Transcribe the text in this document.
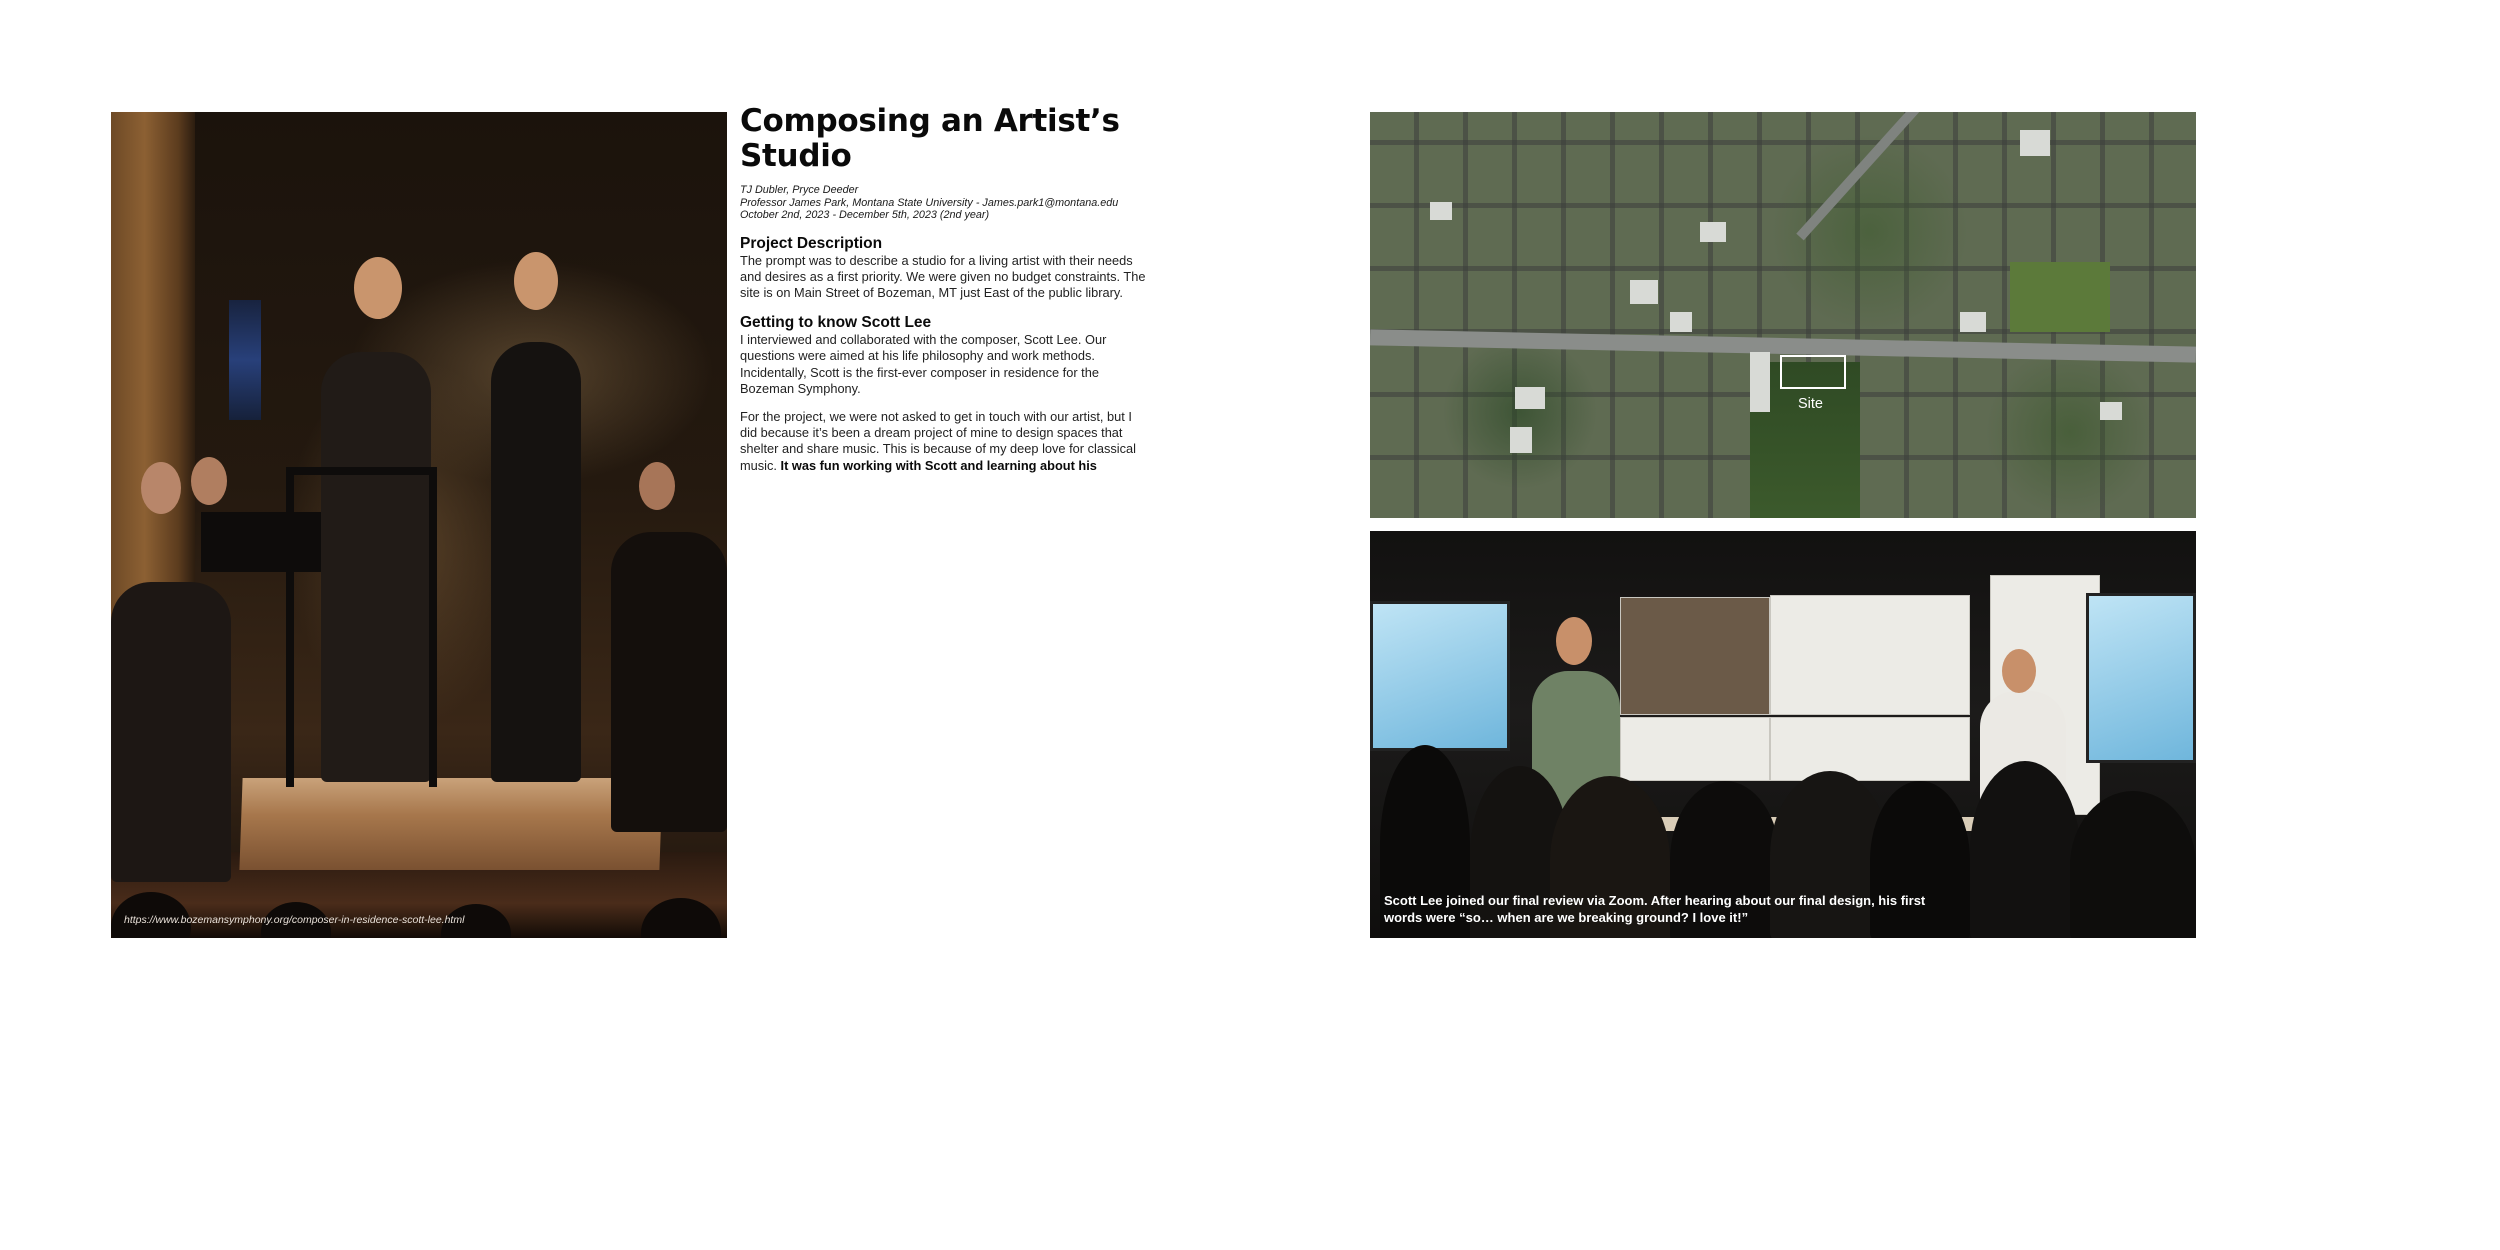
https://www.bozemansymphony.org/composer-in-residence-scott-lee.html
Composing an Artist’s
Studio
TJ Dubler, Pryce Deeder
Professor James Park, Montana State University - James.park1@montana.edu
October 2nd, 2023 - December 5th, 2023 (2nd year)
Project Description

The prompt was to describe a studio for a living artist with their needs and desires as a first priority. We were given no budget constraints. The site is on Main Street of Bozeman, MT just East of the public library.

Getting to know Scott Lee

I interviewed and collaborated with the composer, Scott Lee. Our questions were aimed at his life philosophy and work methods. Incidentally, Scott is the first-ever composer in residence for the Bozeman Symphony.

For the project, we were not asked to get in touch with our artist, but I did because it’s been a dream project of mine to design spaces that shelter and share music. This is because of my deep love for classical music. It was fun working with Scott and learning about his

Site
Scott Lee joined our final review via Zoom. After hearing about our final design, his first words were “so… when are we breaking ground? I love it!”
